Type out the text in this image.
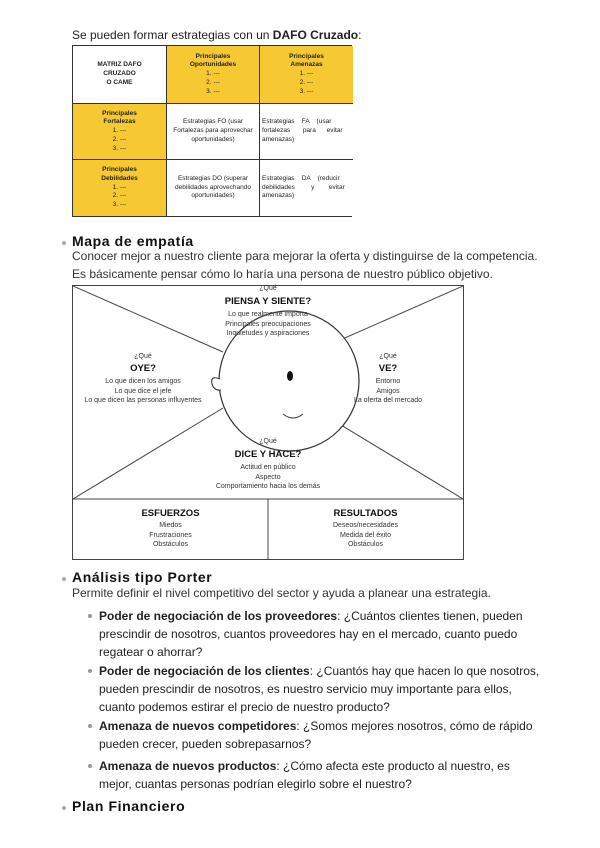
Se pueden formar estrategias con un DAFO Cruzado:
MATRIZ DAFO
CRUZADO
O CAME
Principales
Oportunidades
1. ---
2. ---
3. ---
Principales
Amenazas
1. ---
2. ---
3. ---
Principales
Fortalezas
1. ---
2. ---
3. ---
Estrategias FO (usar
Fortalezas para aprovechar
oportunidades)
Estrategias    FA    (usar
fortalezas       para      evitar
amenazas)
Principales
Debilidades
1. ---
2. ---
3. ---
Estrategias DO (superar
debilidades aprovechando
oportunidades)
Estrategias    DA    (reducir
debilidades         y        evitar
amenazas)
Mapa de empatía
Conocer mejor a nuestro cliente para mejorar la oferta y distinguirse de la competencia.
Es básicamente pensar cómo lo haría una persona de nuestro público objetivo.
¿Qué
PIENSA Y SIENTE?
Lo que realmente importa
Principales preocupaciones
Inquietudes y aspiraciones
¿Qué
OYE?
Lo que dicen los amigos
Lo que dice el jefe
Lo que dicen las personas influyentes
¿Qué
VE?
Entorno
Amigos
La oferta del mercado
¿Qué
DICE Y HACE?
Actitud en público
Aspecto
Comportamiento hacia los demás
ESFUERZOS
Miedos
Frustraciones
Obstáculos
RESULTADOS
Deseos/necesidades
Medida del éxito
Obstáculos
Análisis tipo Porter
Permite definir el nivel competitivo del sector y ayuda a planear una estrategia.
Poder de negociación de los proveedores: ¿Cuántos clientes tienen, pueden
prescindir de nosotros, cuantos proveedores hay en el mercado, cuanto puedo
regatear o ahorrar?
Poder de negociación de los clientes: ¿Cuantós hay que hacen lo que nosotros,
pueden prescindir de nosotros, es nuestro servicio muy importante para ellos,
cuanto podemos estirar el precio de nuestro producto?
Amenaza de nuevos competidores: ¿Somos mejores nosotros, cómo de rápido
pueden crecer, pueden sobrepasarnos?
Amenaza de nuevos productos: ¿Cómo afecta este producto al nuestro, es
mejor, cuantas personas podrían elegirlo sobre el nuestro?
Plan Financiero
